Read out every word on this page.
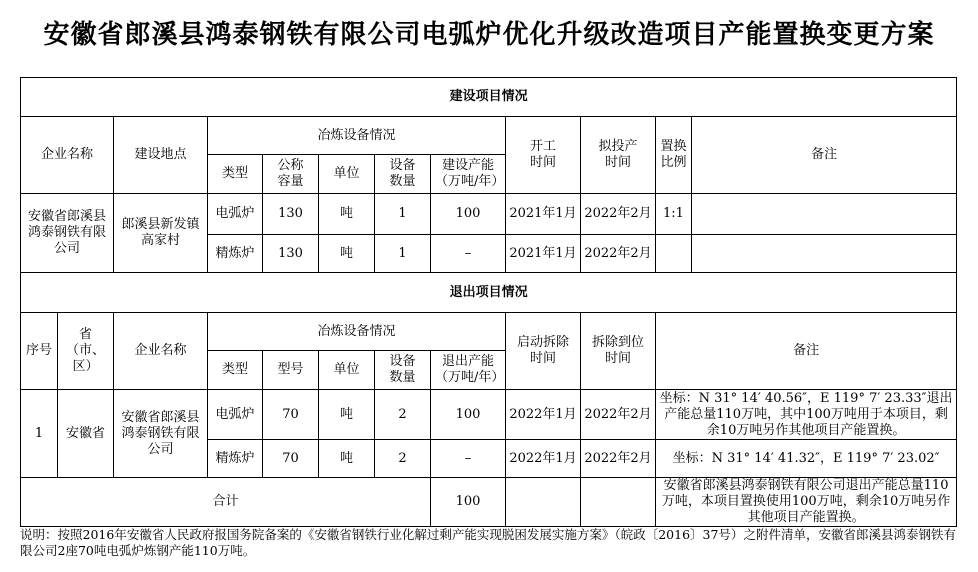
安徽省郎溪县鸿泰钢铁有限公司电弧炉优化升级改造项目产能置换变更方案
建设项目情况											
企业名称		建设地点	冶炼设备情况					开工时间	拟投产时间	置换比例	备注
			类型	公称容量	单位	设备数量	建设产能（万吨/年）				
安徽省郎溪县鸿泰钢铁有限公司		郎溪县新发镇高家村	电弧炉	130	吨	1	100	2021年1月	2022年2月	1:1	
			精炼炉	130	吨	1	–	2021年1月	2022年2月		
退出项目情况											
序号	省（市、区）	企业名称	冶炼设备情况					启动拆除时间	拆除到位时间	备注	
			类型	型号	单位	设备数量	退出产能（万吨/年）				
1	安徽省	安徽省郎溪县鸿泰钢铁有限公司	电弧炉	70	吨	2	100	2022年1月	2022年2月	坐标：N 31° 14′ 40.56″，E 119° 7′ 23.33″退出产能总量110万吨，其中100万吨用于本项目，剩余10万吨另作其他项目产能置换。	
			精炼炉	70	吨	2	–	2022年1月	2022年2月	坐标：N 31° 14′ 41.32″，E 119° 7′ 23.02″	
合计							100			安徽省郎溪县鸿泰钢铁有限公司退出产能总量110万吨，本项目置换使用100万吨，剩余10万吨另作其他项目产能置换。	
说明：按照2016年安徽省人民政府报国务院备案的《安徽省钢铁行业化解过剩产能实现脱困发展实施方案》（皖政〔2016〕37号）之附件清单，安徽省郎溪县鸿泰钢铁有限公司2座70吨电弧炉炼钢产能110万吨。
